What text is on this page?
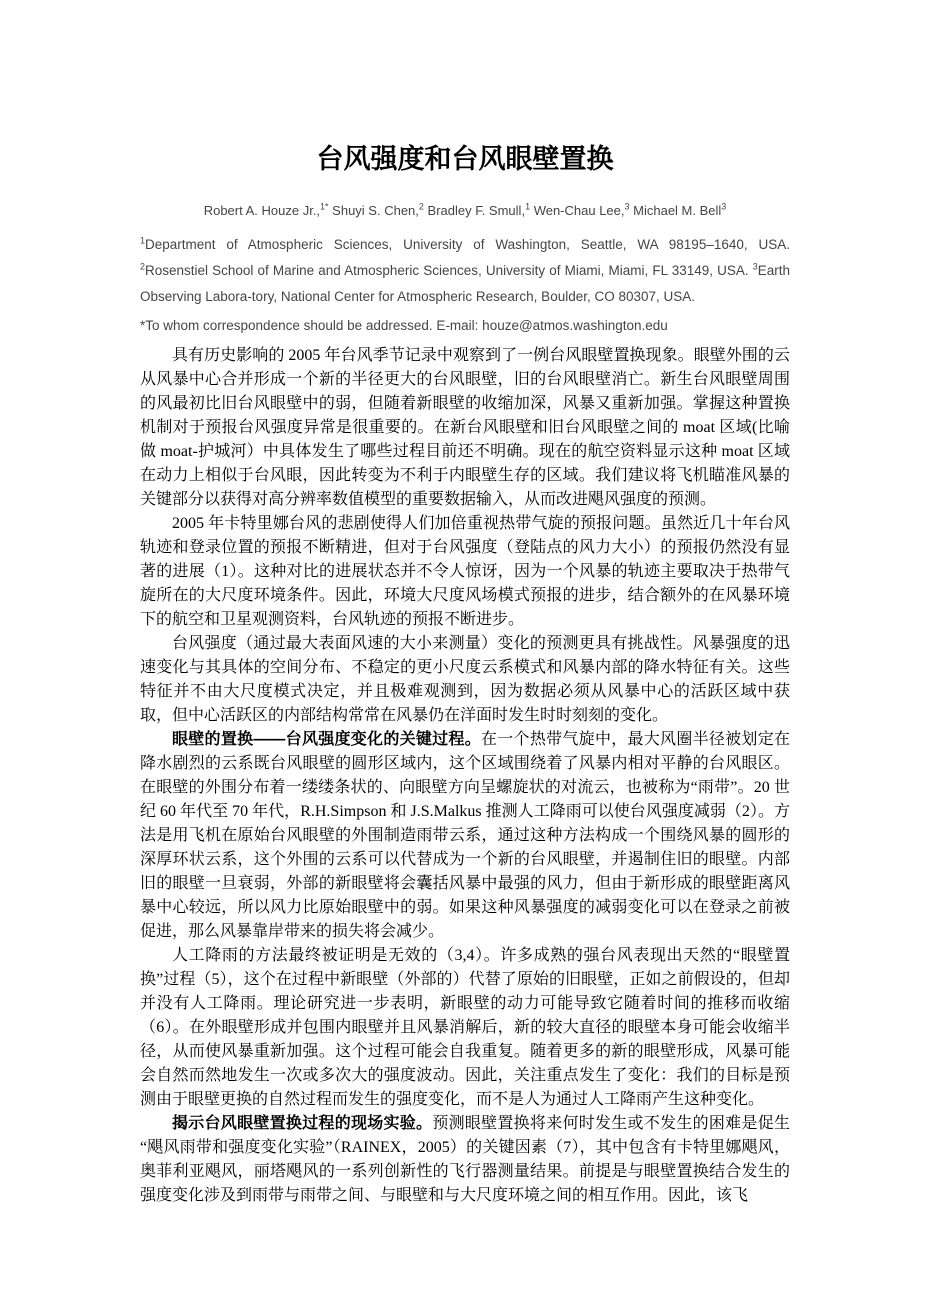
台风强度和台风眼壁置换

Robert A. Houze Jr.,$^{1*}$ Shuyi S. Chen,$^2$ Bradley F. Smull,$^1$ Wen-Chau Lee,$^3$ Michael M. Bell$^3$

$^1$Department of Atmospheric Sciences, University of Washington, Seattle, WA 98195–1640, USA. $^2$Rosenstiel School of Marine and Atmospheric Sciences, University of Miami, Miami, FL 33149, USA. $^3$Earth Observing Labora-tory, National Center for Atmospheric Research, Boulder, CO 80307, USA.

*To whom correspondence should be addressed. E-mail: houze@atmos.washington.edu

具有历史影响的 2005 年台风季节记录中观察到了一例台风眼壁置换现象。眼壁外围的云从风暴中心合并形成一个新的半径更大的台风眼壁，旧的台风眼壁消亡。新生台风眼壁周围的风最初比旧台风眼壁中的弱，但随着新眼壁的收缩加深，风暴又重新加强。掌握这种置换机制对于预报台风强度异常是很重要的。在新台风眼壁和旧台风眼壁之间的 moat 区域(比喻做 moat-护城河）中具体发生了哪些过程目前还不明确。现在的航空资料显示这种 moat 区域在动力上相似于台风眼，因此转变为不利于内眼壁生存的区域。我们建议将飞机瞄准风暴的关键部分以获得对高分辨率数值模型的重要数据输入，从而改进飓风强度的预测。

2005 年卡特里娜台风的悲剧使得人们加倍重视热带气旋的预报问题。虽然近几十年台风轨迹和登录位置的预报不断精进，但对于台风强度（登陆点的风力大小）的预报仍然没有显著的进展（1）。这种对比的进展状态并不令人惊讶，因为一个风暴的轨迹主要取决于热带气旋所在的大尺度环境条件。因此，环境大尺度风场模式预报的进步，结合额外的在风暴环境下的航空和卫星观测资料，台风轨迹的预报不断进步。

台风强度（通过最大表面风速的大小来测量）变化的预测更具有挑战性。风暴强度的迅速变化与其具体的空间分布、不稳定的更小尺度云系模式和风暴内部的降水特征有关。这些特征并不由大尺度模式决定，并且极难观测到，因为数据必须从风暴中心的活跃区域中获取，但中心活跃区的内部结构常常在风暴仍在洋面时发生时时刻刻的变化。

眼壁的置换——台风强度变化的关键过程。在一个热带气旋中，最大风圈半径被划定在降水剧烈的云系既台风眼壁的圆形区域内，这个区域围绕着了风暴内相对平静的台风眼区。在眼壁的外围分布着一缕缕条状的、向眼壁方向呈螺旋状的对流云，也被称为“雨带”。20 世纪 60 年代至 70 年代，R.H.Simpson 和 J.S.Malkus 推测人工降雨可以使台风强度减弱（2）。方法是用飞机在原始台风眼壁的外围制造雨带云系，通过这种方法构成一个围绕风暴的圆形的深厚环状云系，这个外围的云系可以代替成为一个新的台风眼壁，并遏制住旧的眼壁。内部旧的眼壁一旦衰弱，外部的新眼壁将会囊括风暴中最强的风力，但由于新形成的眼壁距离风暴中心较远，所以风力比原始眼壁中的弱。如果这种风暴强度的减弱变化可以在登录之前被促进，那么风暴靠岸带来的损失将会减少。

人工降雨的方法最终被证明是无效的（3,4）。许多成熟的强台风表现出天然的“眼壁置换”过程（5），这个在过程中新眼壁（外部的）代替了原始的旧眼壁，正如之前假设的，但却并没有人工降雨。理论研究进一步表明，新眼壁的动力可能导致它随着时间的推移而收缩（6）。在外眼壁形成并包围内眼壁并且风暴消解后，新的较大直径的眼壁本身可能会收缩半径，从而使风暴重新加强。这个过程可能会自我重复。随着更多的新的眼壁形成，风暴可能会自然而然地发生一次或多次大的强度波动。因此，关注重点发生了变化：我们的目标是预测由于眼壁更换的自然过程而发生的强度变化，而不是人为通过人工降雨产生这种变化。

揭示台风眼壁置换过程的现场实验。预测眼壁置换将来何时发生或不发生的困难是促生“飓风雨带和强度变化实验”（RAINEX，2005）的关键因素（7），其中包含有卡特里娜飓风，奥菲利亚飓风，丽塔飓风的一系列创新性的飞行器测量结果。前提是与眼壁置换结合发生的强度变化涉及到雨带与雨带之间、与眼壁和与大尺度环境之间的相互作用。因此，该飞
